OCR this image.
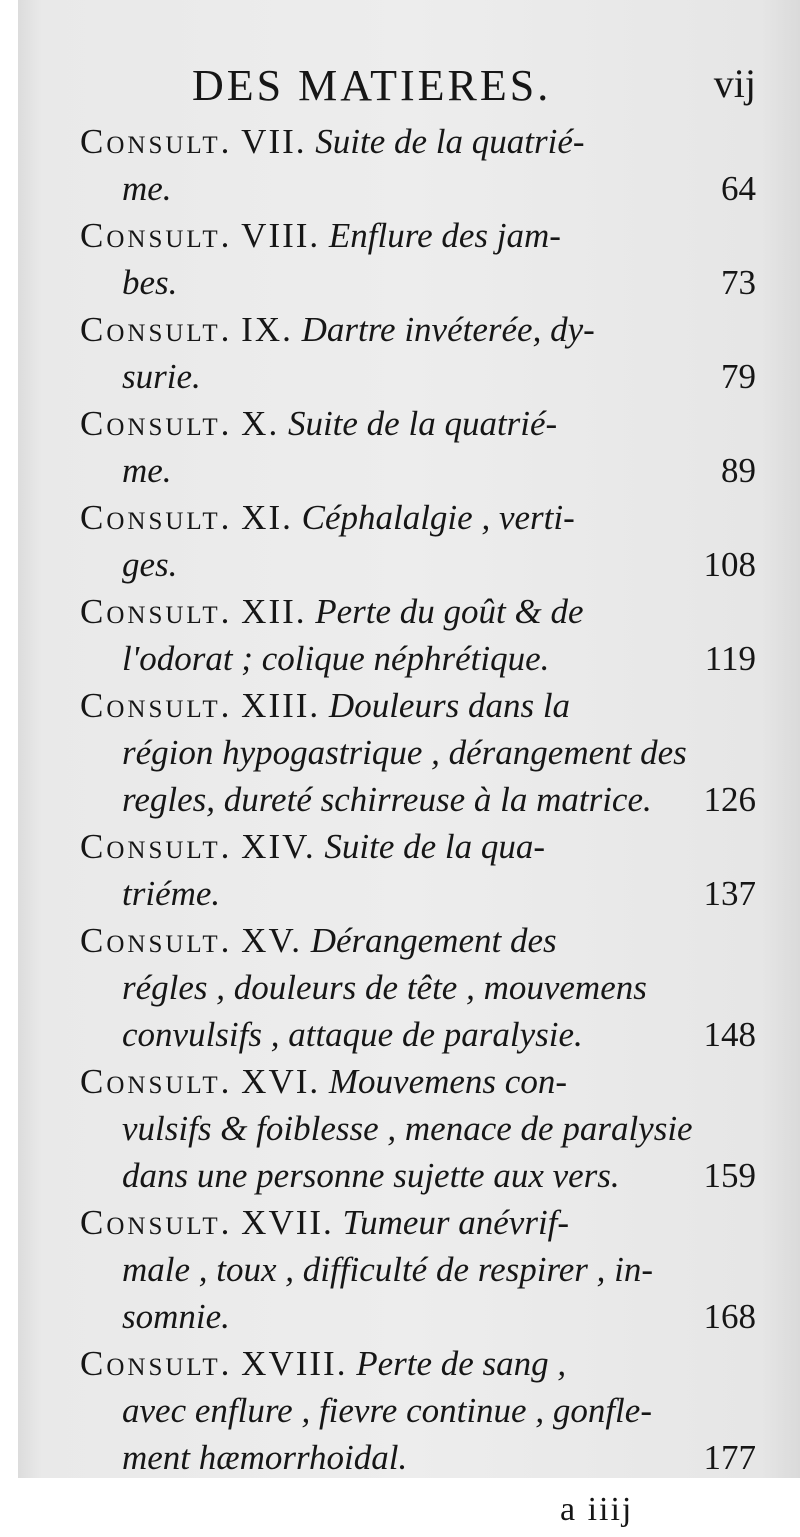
DES MATIERES.	vij
Consult. VII. Suite de la quatrié-
me.	64
Consult. VIII. Enflure des jam-
bes.	73
Consult. IX. Dartre invéterée, dy-
surie.	79
Consult. X. Suite de la quatrié-
me.	89
Consult. XI. Céphalalgie , verti-
ges.	108
Consult. XII. Perte du goût & de
l'odorat ; colique néphrétique.	119
Consult. XIII. Douleurs dans la
région hypogastrique , dérangement des
regles, dureté schirreuse à la matrice. 126
Consult. XIV. Suite de la qua-
triéme.	137
Consult. XV. Dérangement des
régles , douleurs de tête , mouvemens
convulsifs , attaque de paralysie.	148
Consult. XVI. Mouvemens con-
vulsifs & foiblesse , menace de paralysie
dans une personne sujette aux vers. 159
Consult. XVII. Tumeur anévrif-
male , toux , difficulté de respirer , in-
somnie.	168
Consult. XVIII. Perte de sang ,
avec enflure , fievre continue , gonfle-
ment hæmorrhoidal.	177
a iiij
